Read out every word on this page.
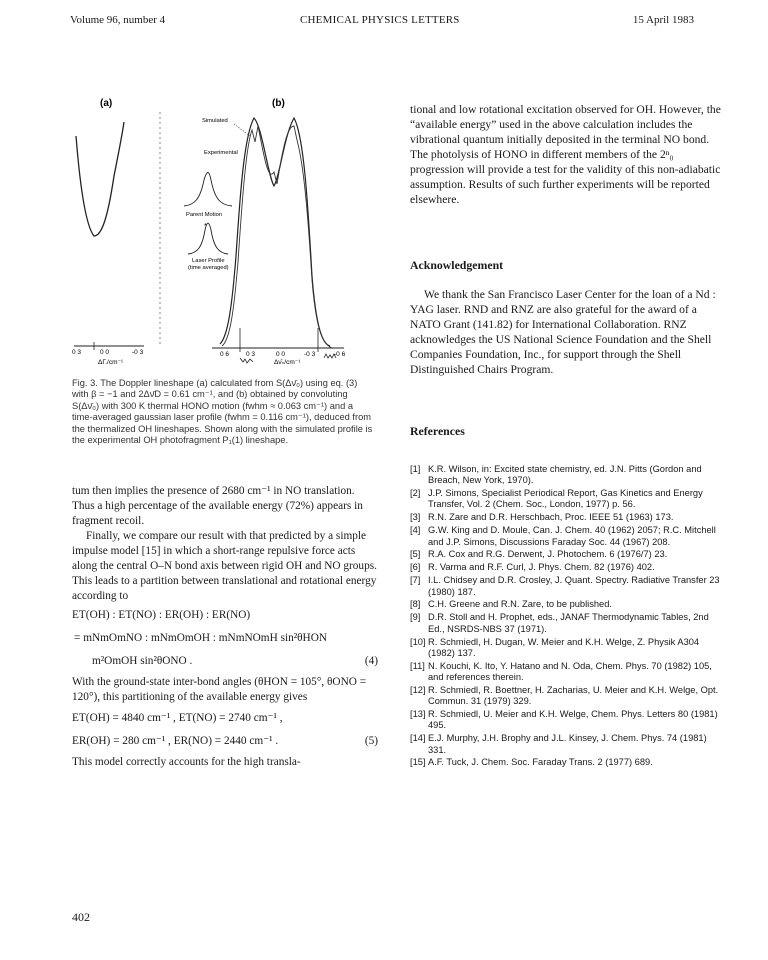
Volume 96, number 4	CHEMICAL PHYSICS LETTERS	15 April 1983
(a)	(b)
Simulated
Experimental
Parent Motion
*
Laser Profile
(time averaged)
0 3	0 0	-0 3	0 6	0 3	0 0	-0 3	-0 6
ΔΓ,/cm⁻¹	Δν̄₀/cm⁻¹
Fig. 3. The Doppler lineshape (a) calculated from S(Δν̄₀) using eq. (3) with β = −1 and 2Δν̄D = 0.61 cm⁻¹, and (b) obtained by convoluting S(Δν̄₀) with 300 K thermal HONO motion (fwhm ≈ 0.063 cm⁻¹) and a time-averaged gaussian laser profile (fwhm = 0.116 cm⁻¹), deduced from the thermalized OH lineshapes. Shown along with the simulated profile is the experimental OH photofragment P₁(1) lineshape.

tum then implies the presence of 2680 cm⁻¹ in NO translation. Thus a high percentage of the available energy (72%) appears in fragment recoil.

Finally, we compare our result with that predicted by a simple impulse model [15] in which a short-range repulsive force acts along the central O–N bond axis between rigid OH and NO groups. This leads to a partition between translational and rotational energy according to

ET(OH) : ET(NO) : ER(OH) : ER(NO)

= mNmOmNO : mNmOmOH : mNmNOmH sin²θHON

(4)
m²OmOH sin²θONO .

With the ground-state inter-bond angles (θHON = 105°, θONO = 120°), this partitioning of the available energy gives

ET(OH) = 4840 cm⁻¹ , ET(NO) = 2740 cm⁻¹ ,

(5)
ER(OH) = 280 cm⁻¹ , ER(NO) = 2440 cm⁻¹ .

This model correctly accounts for the high transla-

tional and low rotational excitation observed for OH. However, the “available energy” used in the above calculation includes the vibrational quantum initially deposited in the terminal NO bond. The photolysis of HONO in different members of the 2ⁿ₀ progression will provide a test for the validity of this non-adiabatic assumption. Results of such further experiments will be reported elsewhere.

Acknowledgement

We thank the San Francisco Laser Center for the loan of a Nd : YAG laser. RND and RNZ are also grateful for the award of a NATO Grant (141.82) for International Collaboration. RNZ acknowledges the US National Science Foundation and the Shell Companies Foundation, Inc., for support through the Shell Distinguished Chairs Program.

References

[1] K.R. Wilson, in: Excited state chemistry, ed. J.N. Pitts (Gordon and Breach, New York, 1970).
[2] J.P. Simons, Specialist Periodical Report, Gas Kinetics and Energy Transfer, Vol. 2 (Chem. Soc., London, 1977) p. 56.
[3] R.N. Zare and D.R. Herschbach, Proc. IEEE 51 (1963) 173.
[4] G.W. King and D. Moule, Can. J. Chem. 40 (1962) 2057; R.C. Mitchell and J.P. Simons, Discussions Faraday Soc. 44 (1967) 208.
[5] R.A. Cox and R.G. Derwent, J. Photochem. 6 (1976/7) 23.
[6] R. Varma and R.F. Curl, J. Phys. Chem. 82 (1976) 402.
[7] I.L. Chidsey and D.R. Crosley, J. Quant. Spectry. Radiative Transfer 23 (1980) 187.
[8] C.H. Greene and R.N. Zare, to be published.
[9] D.R. Stoll and H. Prophet, eds., JANAF Thermodynamic Tables, 2nd Ed., NSRDS-NBS 37 (1971).
[10] R. Schmiedl, H. Dugan, W. Meier and K.H. Welge, Z. Physik A304 (1982) 137.
[11] N. Kouchi, K. Ito, Y. Hatano and N. Oda, Chem. Phys. 70 (1982) 105, and references therein.
[12] R. Schmiedl, R. Boettner, H. Zacharias, U. Meier and K.H. Welge, Opt. Commun. 31 (1979) 329.
[13] R. Schmiedl, U. Meier and K.H. Welge, Chem. Phys. Letters 80 (1981) 495.
[14] E.J. Murphy, J.H. Brophy and J.L. Kinsey, J. Chem. Phys. 74 (1981) 331.
[15] A.F. Tuck, J. Chem. Soc. Faraday Trans. 2 (1977) 689.
402
